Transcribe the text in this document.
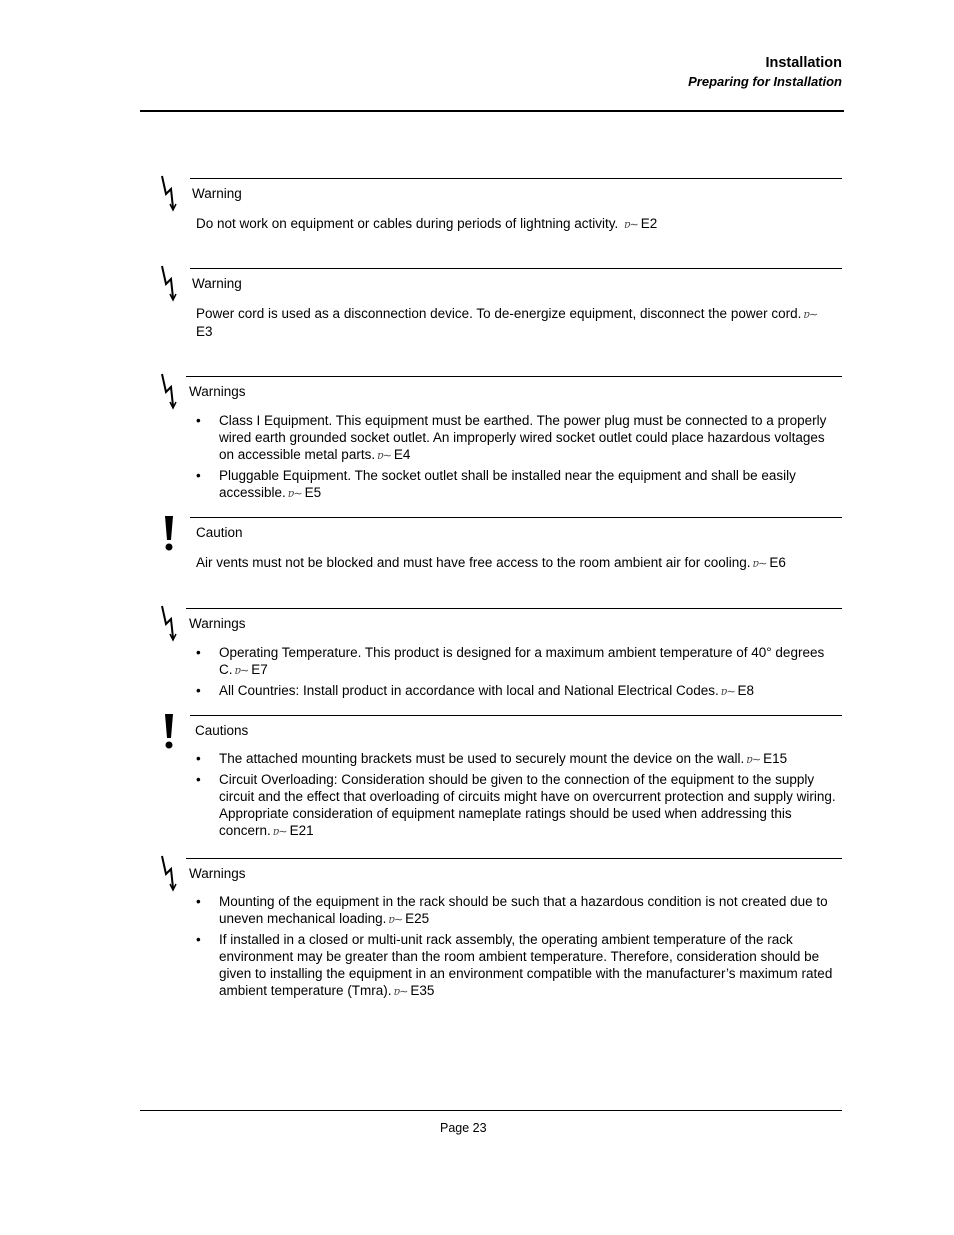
Installation
Preparing for Installation
Warning
Do not work on equipment or cables during periods of lightning activity. ɐ∼ E2
Warning
Power cord is used as a disconnection device. To de-energize equipment, disconnect the power cord. ɐ∼
E3
Warnings
• Class I Equipment. This equipment must be earthed. The power plug must be connected to a properly wired earth grounded socket outlet. An improperly wired socket outlet could place hazardous voltages on accessible metal parts. ɐ∼ E4
• Pluggable Equipment. The socket outlet shall be installed near the equipment and shall be easily accessible. ɐ∼ E5
Caution
Air vents must not be blocked and must have free access to the room ambient air for cooling. ɐ∼ E6
Warnings
• Operating Temperature. This product is designed for a maximum ambient temperature of 40° degrees C. ɐ∼ E7
• All Countries: Install product in accordance with local and National Electrical Codes. ɐ∼ E8
Cautions
• The attached mounting brackets must be used to securely mount the device on the wall. ɐ∼ E15
• Circuit Overloading: Consideration should be given to the connection of the equipment to the supply circuit and the effect that overloading of circuits might have on overcurrent protection and supply wiring. Appropriate consideration of equipment nameplate ratings should be used when addressing this concern. ɐ∼ E21
Warnings
• Mounting of the equipment in the rack should be such that a hazardous condition is not created due to uneven mechanical loading. ɐ∼ E25
• If installed in a closed or multi-unit rack assembly, the operating ambient temperature of the rack environment may be greater than the room ambient temperature. Therefore, consideration should be given to installing the equipment in an environment compatible with the manufacturer’s maximum rated ambient temperature (Tmra). ɐ∼ E35
Page 23
